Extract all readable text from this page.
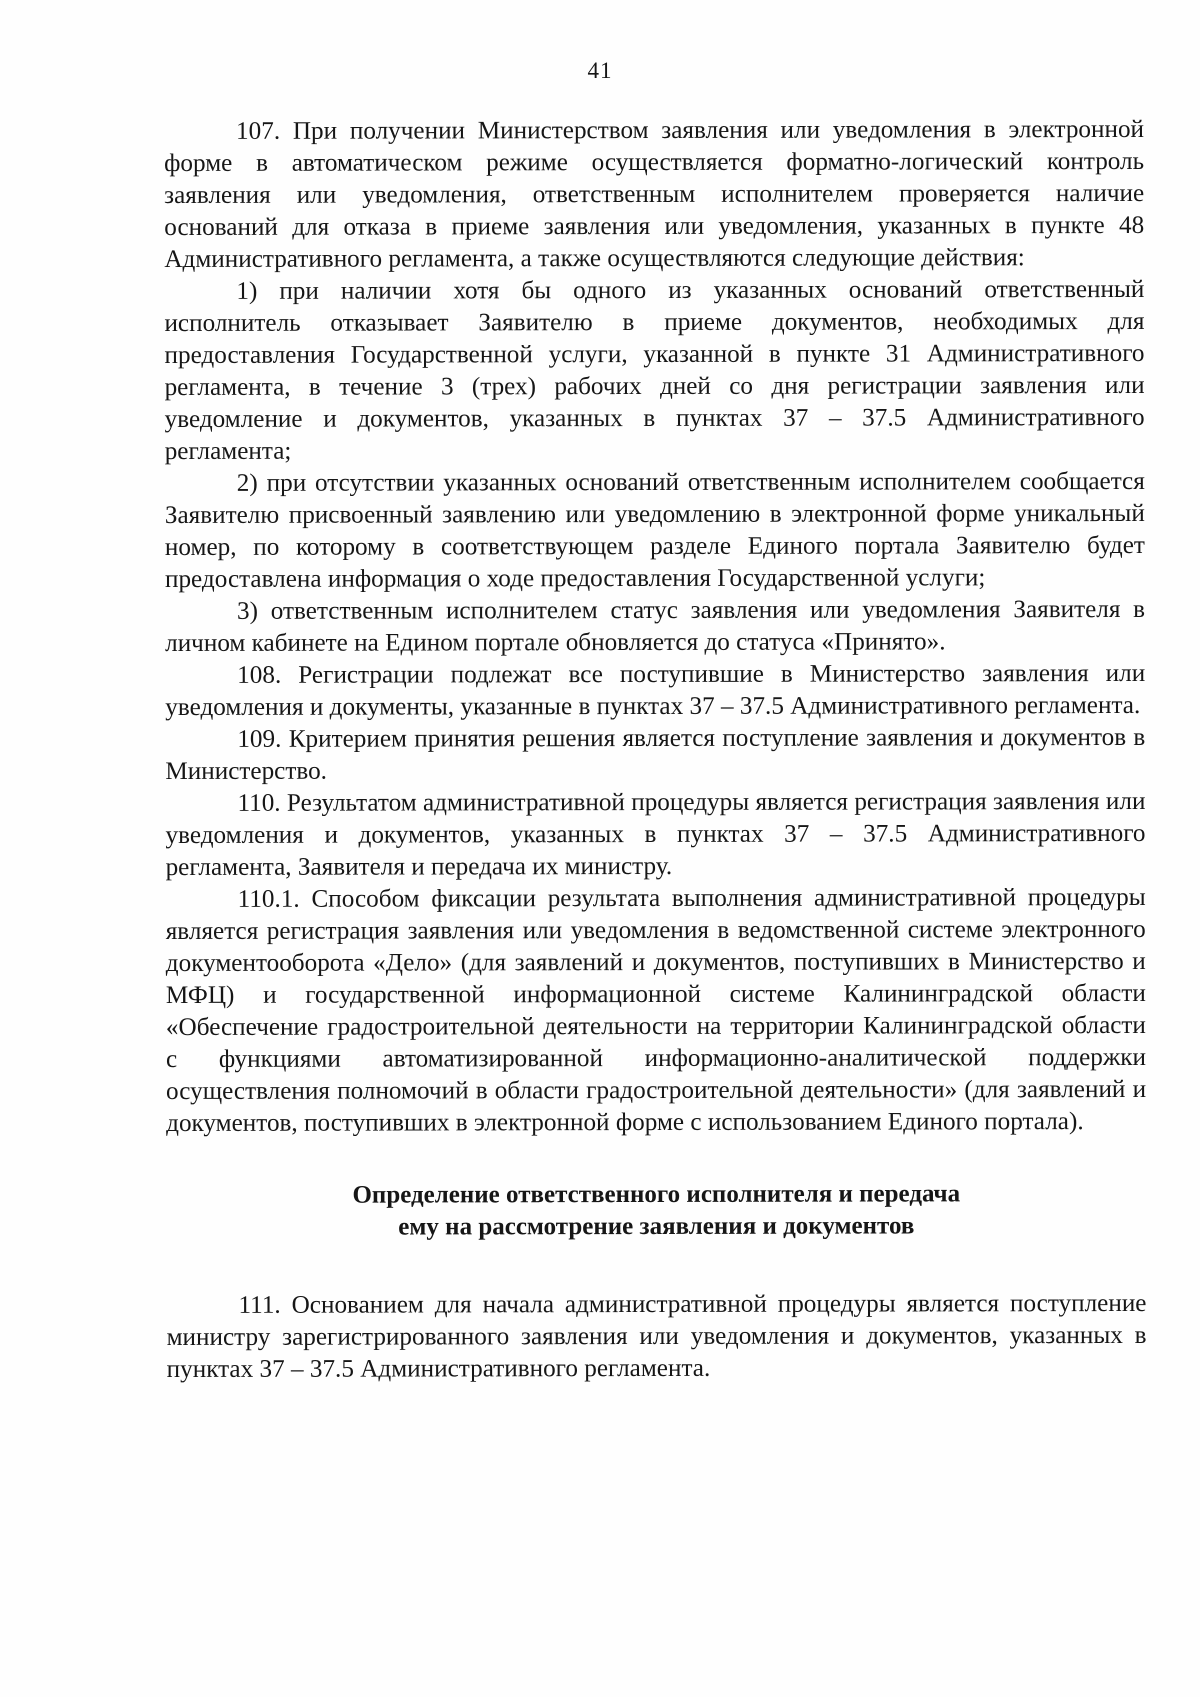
41

107. При получении Министерством заявления или уведомления в электронной форме в автоматическом режиме осуществляется форматно-логический контроль заявления или уведомления, ответственным исполнителем проверяется наличие оснований для отказа в приеме заявления или уведомления, указанных в пункте 48 Административного регламента, а также осуществляются следующие действия:

1) при наличии хотя бы одного из указанных оснований ответственный исполнитель отказывает Заявителю в приеме документов, необходимых для предоставления Государственной услуги, указанной в пункте 31 Административного регламента, в течение 3 (трех) рабочих дней со дня регистрации заявления или уведомление и документов, указанных в пунктах 37 – 37.5 Административного регламента;

2) при отсутствии указанных оснований ответственным исполнителем сообщается Заявителю присвоенный заявлению или уведомлению в электронной форме уникальный номер, по которому в соответствующем разделе Единого портала Заявителю будет предоставлена информация о ходе предоставления Государственной услуги;

3) ответственным исполнителем статус заявления или уведомления Заявителя в личном кабинете на Едином портале обновляется до статуса «Принято».

108. Регистрации подлежат все поступившие в Министерство заявления или уведомления и документы, указанные в пунктах 37 – 37.5 Административного регламента.

109. Критерием принятия решения является поступление заявления и документов в Министерство.

110. Результатом административной процедуры является регистрация заявления или уведомления и документов, указанных в пунктах 37 – 37.5 Административного регламента, Заявителя и передача их министру.

110.1. Способом фиксации результата выполнения административной процедуры является регистрация заявления или уведомления в ведомственной системе электронного документооборота «Дело» (для заявлений и документов, поступивших в Министерство и МФЦ) и государственной информационной системе Калининградской области «Обеспечение градостроительной деятельности на территории Калининградской области с функциями автоматизированной информационно-аналитической поддержки осуществления полномочий в области градостроительной деятельности» (для заявлений и документов, поступивших в электронной форме с использованием Единого портала).

Определение ответственного исполнителя и передача
ему на рассмотрение заявления и документов

111. Основанием для начала административной процедуры является поступление министру зарегистрированного заявления или уведомления и документов, указанных в пунктах 37 – 37.5 Административного регламента.
